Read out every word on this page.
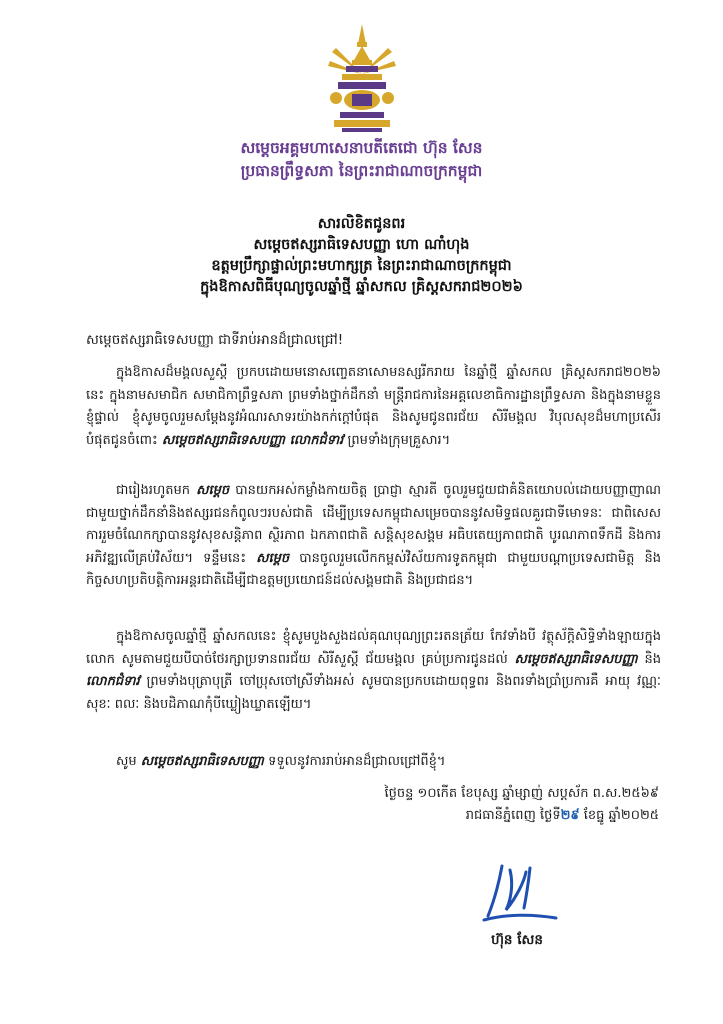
សម្ដេចអគ្គមហាសេនាបតីតេជោ ហ៊ុន សែន
ប្រធានព្រឹទ្ធសភា នៃព្រះរាជាណាចក្រកម្ពុជា
សារលិខិតជូនពរ
សម្ដេចឥស្សរាធិទេសបញ្ញា ហោ ណាំហុង
ឧត្តមប្រឹក្សាផ្ទាល់ព្រះមហាក្សត្រ នៃព្រះរាជាណាចក្រកម្ពុជា
ក្នុងឱកាសពិធីបុណ្យចូលឆ្នាំថ្មី ឆ្នាំសកល គ្រិស្តសករាជ២០២៦
សម្ដេចឥស្សរាធិទេសបញ្ញា ជាទីរាប់អានដ៏ជ្រាលជ្រៅ!
ក្នុងឱកាសដ៏មង្គលសួស្ដី ប្រកបដោយមនោសញ្ចេតនាសោមនស្សរីករាយ នៃឆ្នាំថ្មី ឆ្នាំសកល គ្រិស្តសករាជ២០២៦ នេះ ក្នុងនាមសមាជិក សមាជិកាព្រឹទ្ធសភា ព្រមទាំងថ្នាក់ដឹកនាំ មន្ត្រីរាជការនៃអគ្គលេខាធិការដ្ឋានព្រឹទ្ធសភា និងក្នុងនាមខ្លួនខ្ញុំផ្ទាល់ ខ្ញុំសូមចូលរួមសម្ដែងនូវអំណរសាទរយ៉ាងកក់ក្ដៅបំផុត និងសូមជូនពរជ័យ សិរីមង្គល វិបុលសុខដ៏មហាប្រសើរបំផុតជូនចំពោះ សម្ដេចឥស្សរាធិទេសបញ្ញា លោកជំទាវ ព្រមទាំងក្រុមគ្រួសារ។
ជារៀងរហូតមក សម្ដេច បានយកអស់កម្លាំងកាយចិត្ត ប្រាជ្ញា ស្មារតី ចូលរួមជួយជាគំនិតយោបល់ដោយបញ្ញាញាណជាមួយថ្នាក់ដឹកនាំនិងឥស្សរជនកំពូលៗរបស់ជាតិ ដើម្បីប្រទេសកម្ពុជាសម្រេចបាននូវសមិទ្ធផលគួរជាទីមោទនៈ ជាពិសេសការរួមចំណែកក្សាបាននូវសុខសន្តិភាព ស្ថិរភាព ឯកភាពជាតិ សន្តិសុខសង្គម អធិបតេយ្យភាពជាតិ បូរណភាពទឹកដី និងការអភិវឌ្ឍលើគ្រប់វិស័យ។ ទន្ទឹមនេះ សម្ដេច បានចូលរួមលើកកម្ពស់វិស័យការទូតកម្ពុជា ជាមួយបណ្ដាប្រទេសជាមិត្ត និងកិច្ចសហប្រតិបត្តិការអន្តរជាតិដើម្បីជាឧត្តមប្រយោជន៍ដល់សង្គមជាតិ និងប្រជាជន។
ក្នុងឱកាសចូលឆ្នាំថ្មី ឆ្នាំសកលនេះ ខ្ញុំសូមបួងសួងដល់គុណបុណ្យព្រះរតនត្រ័យ កែវទាំងបី វត្ថុស័ក្តិសិទ្ធិទាំងឡាយក្នុងលោក សូមតាមជួយបីបាច់ថែរក្សាប្រទានពរជ័យ សិរីសួស្ដី ជ័យមង្គល គ្រប់ប្រការជូនដល់ សម្ដេចឥស្សរាធិទេសបញ្ញា និងលោកជំទាវ ព្រមទាំងបុត្រាបុត្រី ចៅប្រុសចៅស្រីទាំងអស់ សូមបានប្រកបដោយពុទ្ធពរ និងពរទាំងប្រាំប្រការគឺ អាយុ វណ្ណៈ សុខៈ ពលៈ និងបដិភាណកុំបីឃ្លៀងឃ្លាតឡើយ។
សូម សម្ដេចឥស្សរាធិទេសបញ្ញា ទទួលនូវការរាប់អានដ៏ជ្រាលជ្រៅពីខ្ញុំ។
ថ្ងៃចន្ទ ១០កើត ខែបុស្ស ឆ្នាំម្សាញ់ សប្តស័ក ព.ស.២៥៦៩
រាជធានីភ្នំពេញ ថ្ងៃទី២៩ ខែធ្នូ ឆ្នាំ២០២៥
ហ៊ុន សែន
